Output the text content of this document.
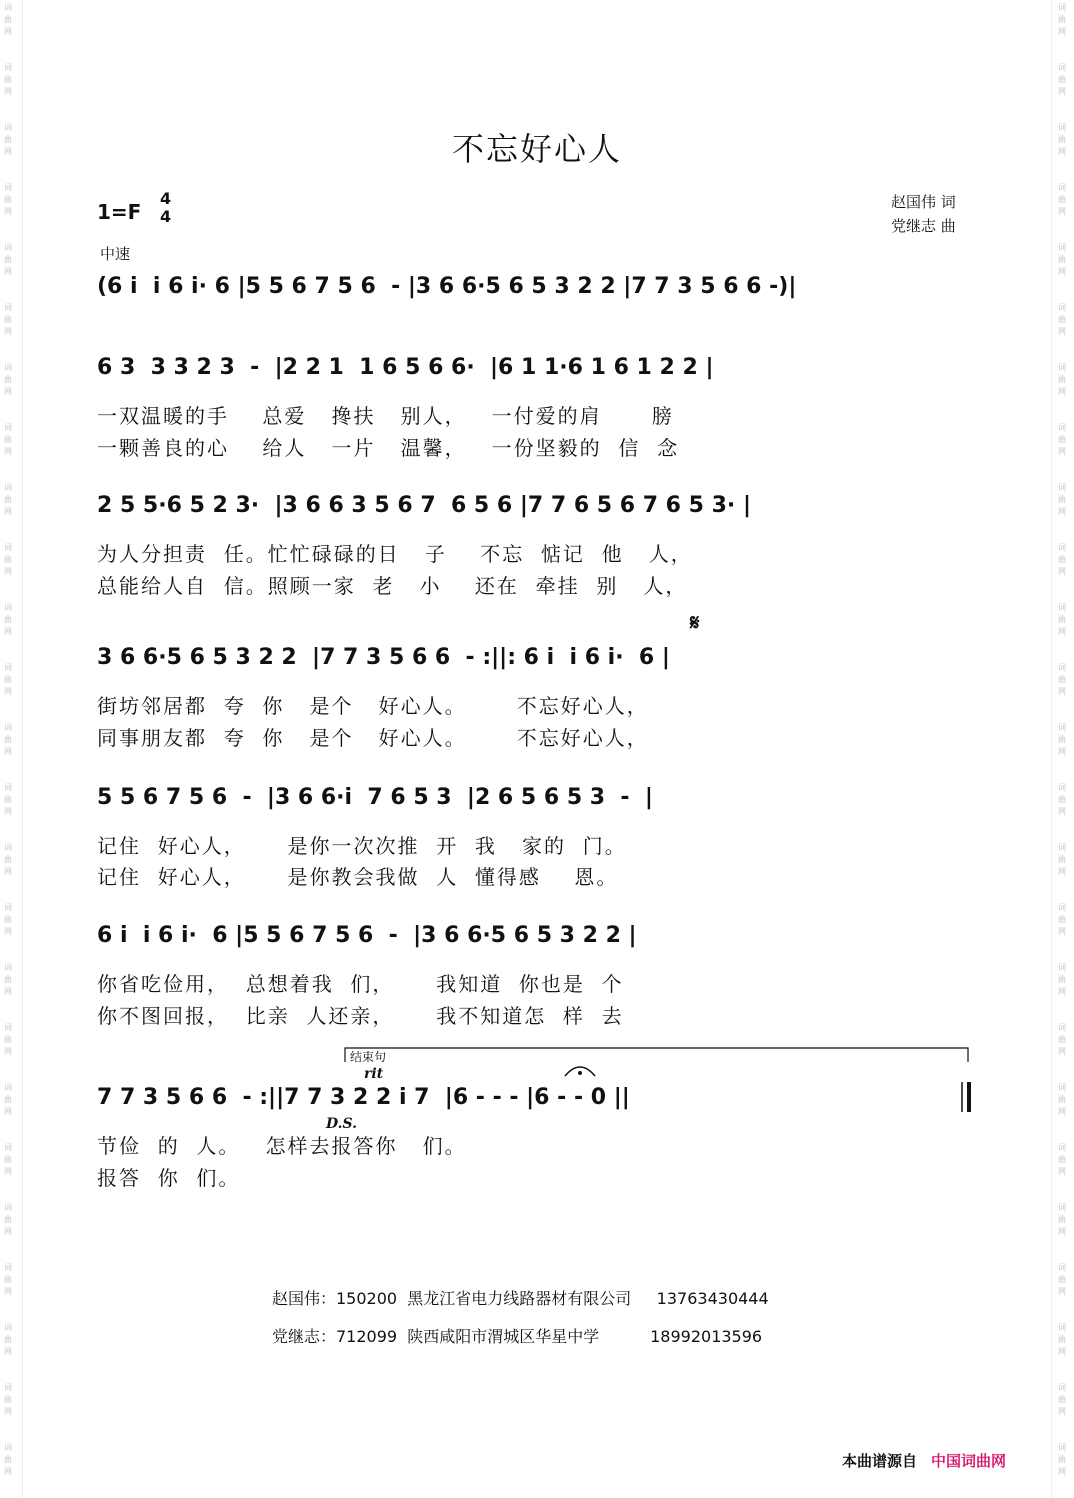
词曲网
词曲网
词曲网
词曲网
词曲网
词曲网
词曲网
词曲网
词曲网
词曲网
词曲网
词曲网
词曲网
词曲网
词曲网
词曲网
词曲网
词曲网
词曲网
词曲网
词曲网
词曲网
词曲网
词曲网
词曲网
词曲网
词曲网
词曲网
词曲网
词曲网
词曲网
词曲网
词曲网
词曲网
词曲网
词曲网
词曲网
词曲网
词曲网
词曲网
词曲网
词曲网
词曲网
词曲网
词曲网
词曲网
词曲网
词曲网
词曲网
词曲网
不忘好心人
1=F
4
4
中速
赵国伟 词
党继志 曲
𝄋
结束句
rit
D.S.
(6 i  i 6 i· 6 |5 5 6 7 5 6  - |3 6 6·5 6 5 3 2 2 |7 7 3 5 6 6 -)|
6 3  3 3 2 3  -  |2 2 1  1 6 5 6 6·  |6 1 1·6 1 6 1 2 2 |
一双温暖的手    总爱   搀扶   别人，   一付爱的肩      膀
一颗善良的心    给人   一片   温馨，   一份坚毅的  信  念
2 5 5·6 5 2 3·  |3 6 6 3 5 6 7  6 5 6 |7 7 6 5 6 7 6 5 3· |
为人分担责  任。忙忙碌碌的日   子    不忘  惦记  他   人，
总能给人自  信。照顾一家  老   小    还在  牵挂  别   人，
3 6 6·5 6 5 3 2 2  |7 7 3 5 6 6  - :||: 6 i  i 6 i·  6 |
街坊邻居都  夸  你   是个   好心人。      不忘好心人，
同事朋友都  夸  你   是个   好心人。      不忘好心人，
5 5 6 7 5 6  -  |3 6 6·i  7 6 5 3  |2 6 5 6 5 3  -  |
记住  好心人，     是你一次次推  开  我   家的  门。
记住  好心人，     是你教会我做  人  懂得感    恩。
6 i  i 6 i·  6 |5 5 6 7 5 6  -  |3 6 6·5 6 5 3 2 2 |
你省吃俭用，  总想着我  们，     我知道  你也是  个
你不图回报，  比亲  人还亲，     我不知道怎  样  去
7 7 3 5 6 6  - :||7 7 3 2 2 i 7  |6 - - - |6 - - 0 ||
节俭  的  人。   怎样去报答你   们。
报答  你  们。
赵国伟：150200  黑龙江省电力线路器材有限公司     13763430444
党继志：712099  陕西咸阳市渭城区华星中学          18992013596
本曲谱源自 中国词曲网
